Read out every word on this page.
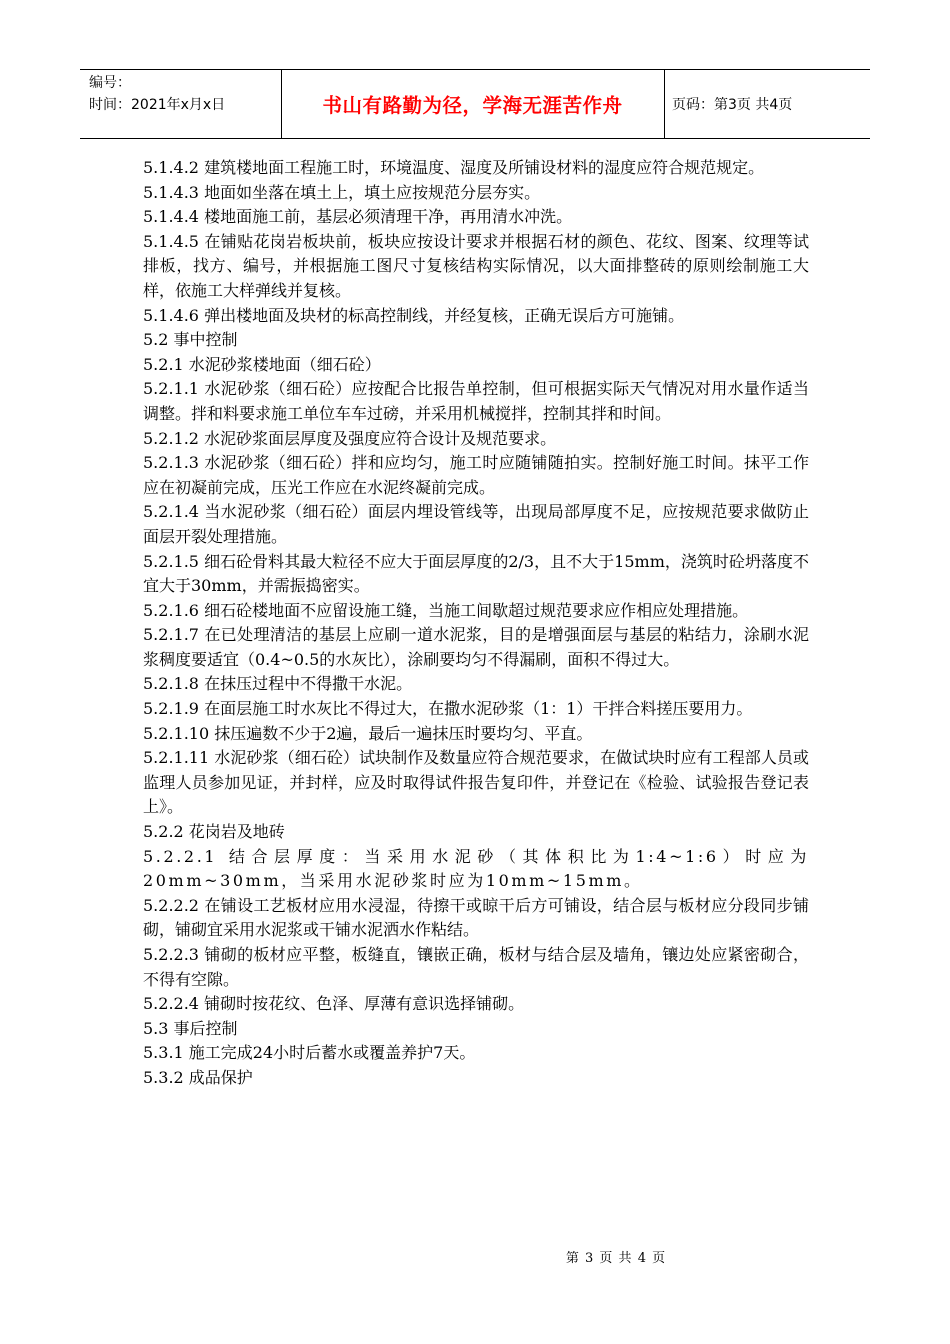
编号：
时间：2021年x月x日	书山有路勤为径，学海无涯苦作舟	页码：第3页 共4页

5.1.4.2 建筑楼地面工程施工时，环境温度、湿度及所铺设材料的湿度应符合规范规定。

5.1.4.3 地面如坐落在填土上，填土应按规范分层夯实。

5.1.4.4 楼地面施工前，基层必须清理干净，再用清水冲洗。

5.1.4.5 在铺贴花岗岩板块前，板块应按设计要求并根据石材的颜色、花纹、图案、纹理等试排板，找方、编号，并根据施工图尺寸复核结构实际情况，以大面排整砖的原则绘制施工大样，依施工大样弹线并复核。

5.1.4.6 弹出楼地面及块材的标高控制线，并经复核，正确无误后方可施铺。

5.2 事中控制

5.2.1 水泥砂浆楼地面（细石砼）

5.2.1.1 水泥砂浆（细石砼）应按配合比报告单控制，但可根据实际天气情况对用水量作适当调整。拌和料要求施工单位车车过磅，并采用机械搅拌，控制其拌和时间。

5.2.1.2 水泥砂浆面层厚度及强度应符合设计及规范要求。

5.2.1.3 水泥砂浆（细石砼）拌和应均匀，施工时应随铺随拍实。控制好施工时间。抹平工作应在初凝前完成，压光工作应在水泥终凝前完成。

5.2.1.4 当水泥砂浆（细石砼）面层内埋设管线等，出现局部厚度不足，应按规范要求做防止面层开裂处理措施。

5.2.1.5 细石砼骨料其最大粒径不应大于面层厚度的2/3，且不大于15mm，浇筑时砼坍落度不宜大于30mm，并需振捣密实。

5.2.1.6 细石砼楼地面不应留设施工缝，当施工间歇超过规范要求应作相应处理措施。

5.2.1.7 在已处理清洁的基层上应刷一道水泥浆，目的是增强面层与基层的粘结力，涂刷水泥浆稠度要适宜（0.4~0.5的水灰比），涂刷要均匀不得漏刷，面积不得过大。

5.2.1.8 在抹压过程中不得撒干水泥。

5.2.1.9 在面层施工时水灰比不得过大，在撒水泥砂浆（1：1）干拌合料搓压要用力。

5.2.1.10 抹压遍数不少于2遍，最后一遍抹压时要均匀、平直。

5.2.1.11 水泥砂浆（细石砼）试块制作及数量应符合规范要求，在做试块时应有工程部人员或监理人员参加见证，并封样，应及时取得试件报告复印件，并登记在《检验、试验报告登记表上》。

5.2.2 花岗岩及地砖

5.2.2.1 结合层厚度：当采用水泥砂（其体积比为1:4~1:6）时应为20mm~30mm，当采用水泥砂浆时应为10mm~15mm。

5.2.2.2 在铺设工艺板材应用水浸湿，待擦干或晾干后方可铺设，结合层与板材应分段同步铺砌，铺砌宜采用水泥浆或干铺水泥洒水作粘结。

5.2.2.3 铺砌的板材应平整，板缝直，镶嵌正确，板材与结合层及墙角，镶边处应紧密砌合，不得有空隙。

5.2.2.4 铺砌时按花纹、色泽、厚薄有意识选择铺砌。

5.3 事后控制

5.3.1 施工完成24小时后蓄水或覆盖养护7天。

5.3.2 成品保护

第 3 页 共 4 页
